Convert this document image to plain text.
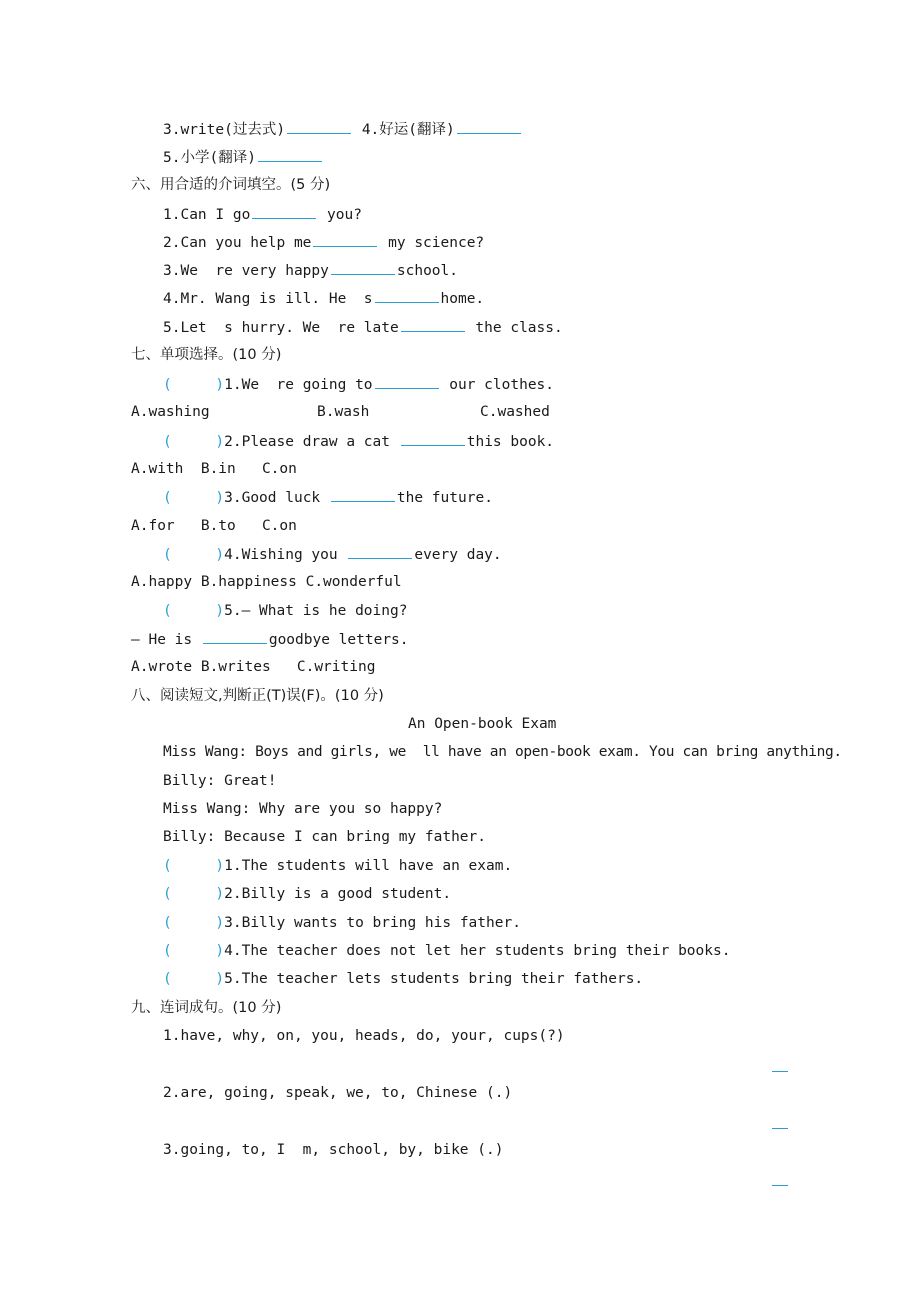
3.write(过去式)	4.好运(翻译)
5.小学(翻译)
六、用合适的介词填空。(5 分)
1.Can I go	you?
2.Can you help me	my science?
3.We  re very happy	school.
4.Mr. Wang is ill. He  s	home.
5.Let  s hurry. We  re late	the class.
七、单项选择。(10 分)
(	)1.We  re going to	our clothes.
A.washing	B.wash	C.washed
(	)2.Please draw a cat	this book.
A.with  B.in   C.on
(	)3.Good luck	the future.
A.for   B.to   C.on
(	)4.Wishing you	every day.
A.happy B.happiness C.wonderful
(	)5.— What is he doing?
— He is	goodbye letters.
A.wrote B.writes   C.writing
八、阅读短文,判断正(T)误(F)。(10 分)
An Open-book Exam
Miss Wang: Boys and girls, we  ll have an open-book exam. You can bring anything.
Billy: Great!
Miss Wang: Why are you so happy?
Billy: Because I can bring my father.
(	)1.The students will have an exam.
(	)2.Billy is a good student.
(	)3.Billy wants to bring his father.
(	)4.The teacher does not let her students bring their books.
(	)5.The teacher lets students bring their fathers.
九、连词成句。(10 分)
1.have, why, on, you, heads, do, your, cups(?)
2.are, going, speak, we, to, Chinese (.)
3.going, to, I  m, school, by, bike (.)
